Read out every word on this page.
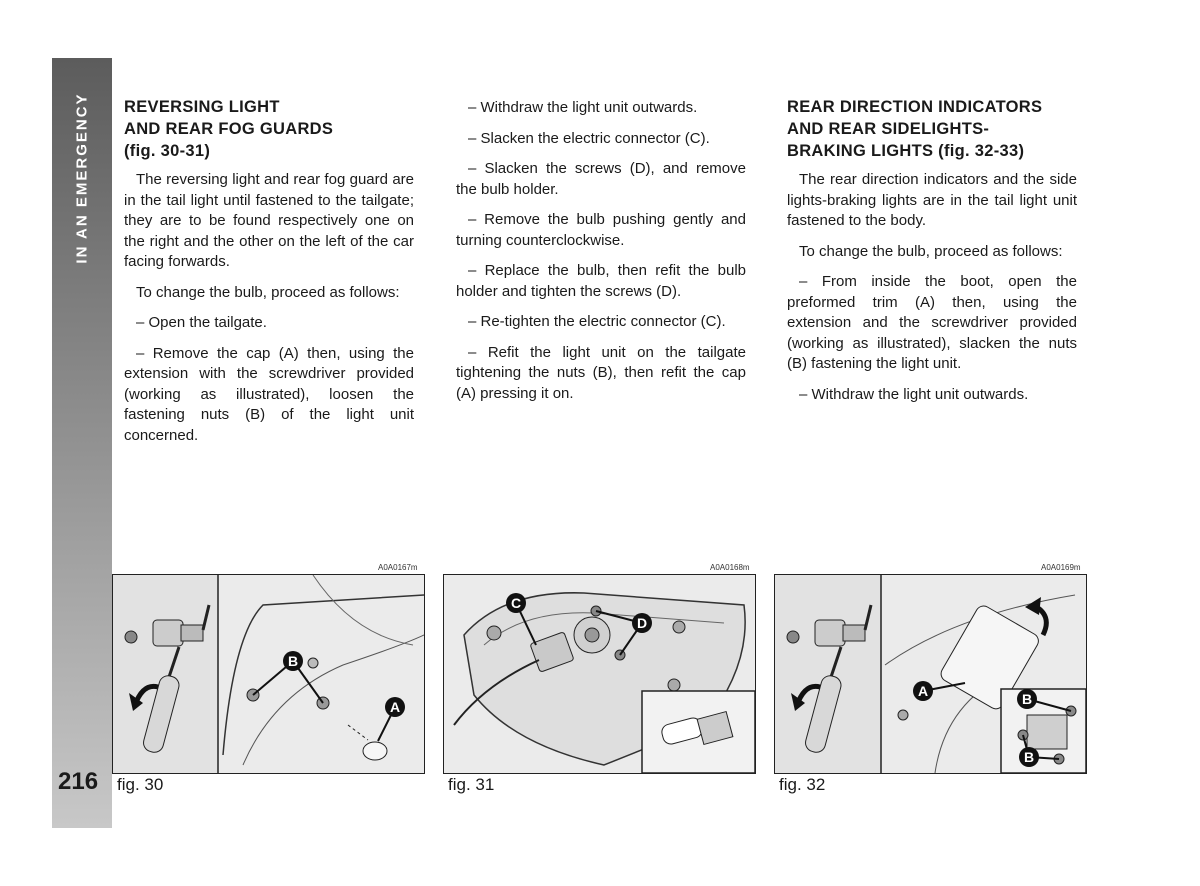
IN AN EMERGENCY
216
REVERSING LIGHT
AND REAR FOG GUARDS
(fig. 30-31)

The reversing light and rear fog guard are in the tail light until fastened to the tailgate; they are to be found respectively one on the right and the other on the left of the car facing forwards.

To change the bulb, proceed as follows:

– Open the tailgate.

– Remove the cap (A) then, using the extension with the screwdriver provided (working as illustrated), loosen the fastening nuts (B) of the light unit concerned.

– Withdraw the light unit outwards.

– Slacken the electric connector (C).

– Slacken the screws (D), and remove the bulb holder.

– Remove the bulb pushing gently and turning counterclockwise.

– Replace the bulb, then refit the bulb holder and tighten the screws (D).

– Re-tighten the electric connector (C).

– Refit the light unit on the tailgate tightening the nuts (B), then refit the cap (A) pressing it on.

REAR DIRECTION INDICATORS
AND REAR SIDELIGHTS-
BRAKING LIGHTS (fig. 32-33)

The rear direction indicators and the side lights-braking lights are in the tail light unit fastened to the body.

To change the bulb, proceed as follows:

– From inside the boot, open the preformed trim (A) then, using the extension and the screwdriver provided (working as illustrated), slacken the nuts (B) fastening the light unit.

– Withdraw the light unit outwards.

A0A0167m
B
A
fig. 30
A0A0168m
C
D
fig. 31
A0A0169m
A	B
B
fig. 32
